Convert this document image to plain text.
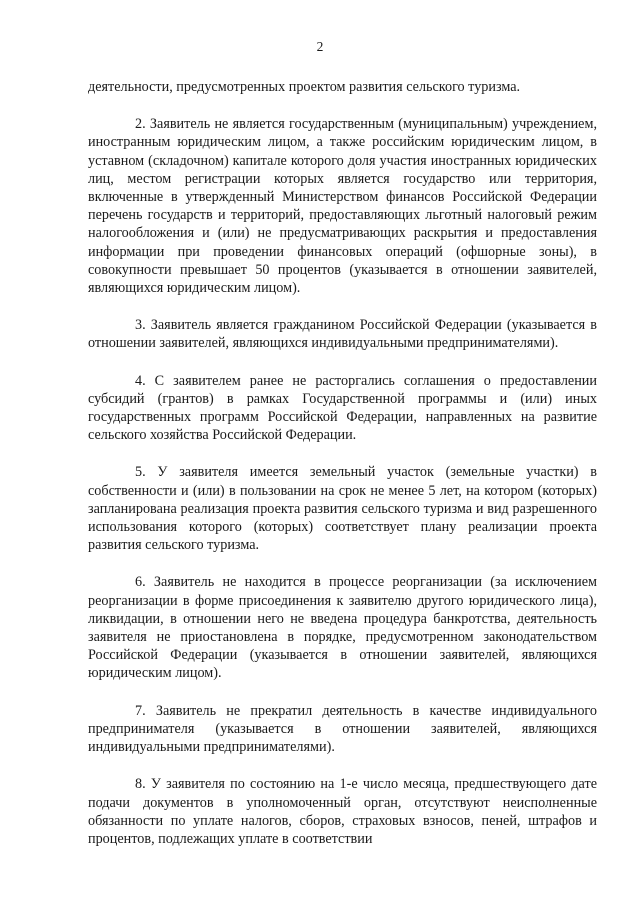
2

деятельности, предусмотренных проектом развития сельского туризма.

2. Заявитель не является государственным (муниципальным) учреждением, иностранным юридическим лицом, а также российским юридическим лицом, в уставном (складочном) капитале которого доля участия иностранных юридических лиц, местом регистрации которых является государство или территория, включенные в утвержденный Министерством финансов Российской Федерации перечень государств и территорий, предоставляющих льготный налоговый режим налогообложения и (или) не предусматривающих раскрытия и предоставления информации при проведении финансовых операций (офшорные зоны), в совокупности превышает 50 процентов (указывается в отношении заявителей, являющихся юридическим лицом).

3. Заявитель является гражданином Российской Федерации (указывается в отношении заявителей, являющихся индивидуальными предпринимателями).

4. С заявителем ранее не расторгались соглашения о предоставлении субсидий (грантов) в рамках Государственной программы и (или) иных государственных программ Российской Федерации, направленных на развитие сельского хозяйства Российской Федерации.

5. У заявителя имеется земельный участок (земельные участки) в собственности и (или) в пользовании на срок не менее 5 лет, на котором (которых) запланирована реализация проекта развития сельского туризма и вид разрешенного использования которого (которых) соответствует плану реализации проекта развития сельского туризма.

6. Заявитель не находится в процессе реорганизации (за исключением реорганизации в форме присоединения к заявителю другого юридического лица), ликвидации, в отношении него не введена процедура банкротства, деятельность заявителя не приостановлена в порядке, предусмотренном законодательством Российской Федерации (указывается в отношении заявителей, являющихся юридическим лицом).

7. Заявитель не прекратил деятельность в качестве индивидуального предпринимателя (указывается в отношении заявителей, являющихся индивидуальными предпринимателями).

8. У заявителя по состоянию на 1-е число месяца, предшествующего дате подачи документов в уполномоченный орган, отсутствуют неисполненные обязанности по уплате налогов, сборов, страховых взносов, пеней, штрафов и процентов, подлежащих уплате в соответствии
